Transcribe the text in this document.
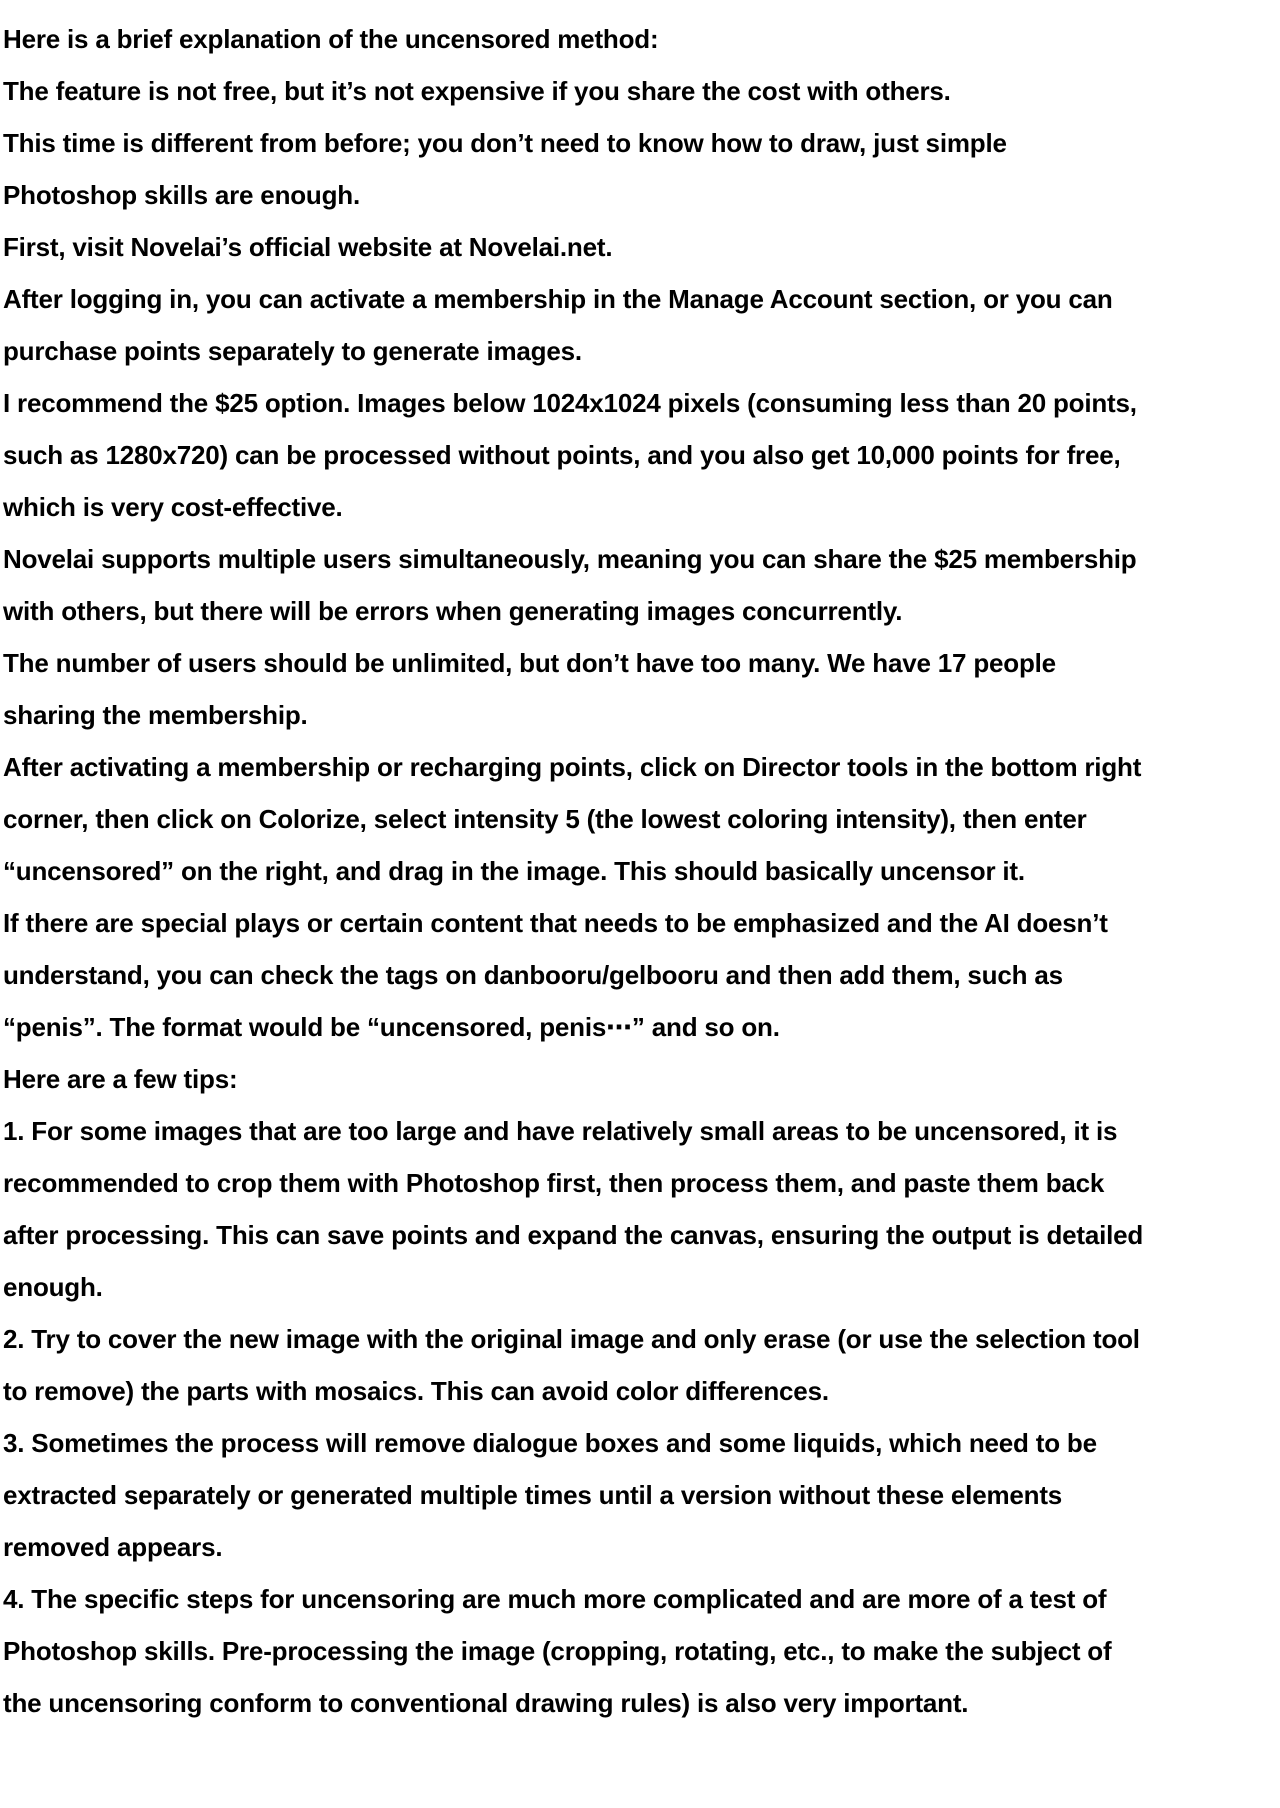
Here is a brief explanation of the uncensored method:
The feature is not free, but it’s not expensive if you share the cost with others.
This time is different from before; you don’t need to know how to draw, just simple
Photoshop skills are enough.
First, visit Novelai’s official website at Novelai.net.
After logging in, you can activate a membership in the Manage Account section, or you can
purchase points separately to generate images.
I recommend the $25 option. Images below 1024x1024 pixels (consuming less than 20 points,
such as 1280x720) can be processed without points, and you also get 10,000 points for free,
which is very cost-effective.
Novelai supports multiple users simultaneously, meaning you can share the $25 membership
with others, but there will be errors when generating images concurrently.
The number of users should be unlimited, but don’t have too many. We have 17 people
sharing the membership.
After activating a membership or recharging points, click on Director tools in the bottom right
corner, then click on Colorize, select intensity 5 (the lowest coloring intensity), then enter
“uncensored” on the right, and drag in the image. This should basically uncensor it.
If there are special plays or certain content that needs to be emphasized and the AI doesn’t
understand, you can check the tags on danbooru/gelbooru and then add them, such as
“penis”. The format would be “uncensored, penis⋯” and so on.
Here are a few tips:
1. For some images that are too large and have relatively small areas to be uncensored, it is
recommended to crop them with Photoshop first, then process them, and paste them back
after processing. This can save points and expand the canvas, ensuring the output is detailed
enough.
2. Try to cover the new image with the original image and only erase (or use the selection tool
to remove) the parts with mosaics. This can avoid color differences.
3. Sometimes the process will remove dialogue boxes and some liquids, which need to be
extracted separately or generated multiple times until a version without these elements
removed appears.
4. The specific steps for uncensoring are much more complicated and are more of a test of
Photoshop skills. Pre-processing the image (cropping, rotating, etc., to make the subject of
the uncensoring conform to conventional drawing rules) is also very important.
